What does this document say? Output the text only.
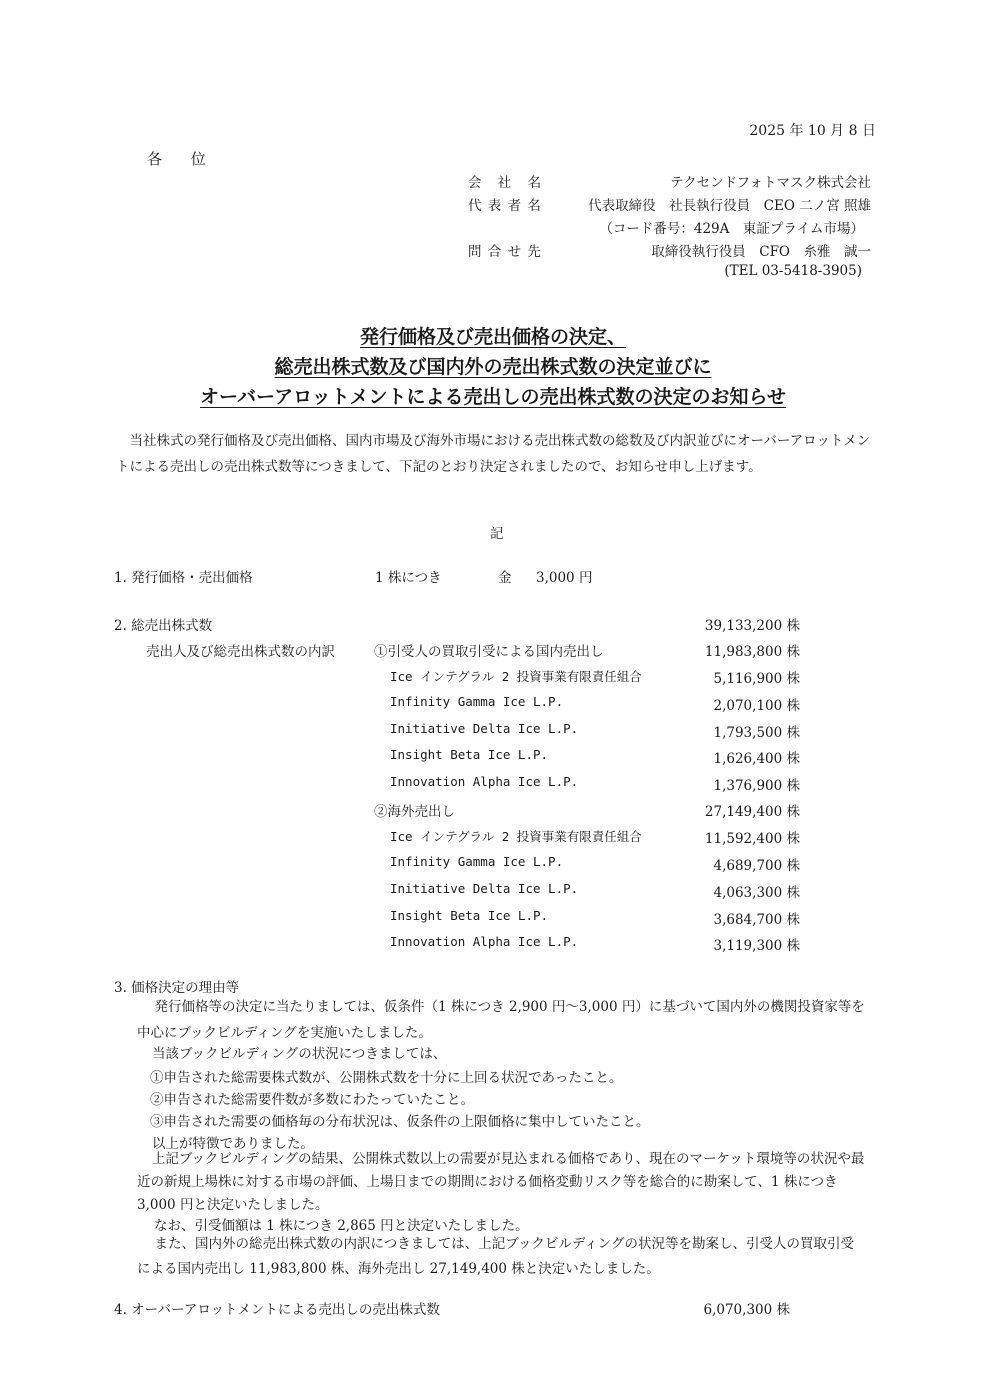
2025 年 10 月 8 日
各 位
会 社 名	テクセンドフォトマスク株式会社
代 表 者 名	代表取締役　社長執行役員　CEO 二ノ宮 照雄
（コード番号：429A　東証プライム市場）
問 合 せ 先	取締役執行役員　CFO　糸雅　誠一
(TEL 03-5418-3905)
発行価格及び売出価格の決定、
総売出株式数及び国内外の売出株式数の決定並びに
オーバーアロットメントによる売出しの売出株式数の決定のお知らせ
当社株式の発行価格及び売出価格、国内市場及び海外市場における売出株式数の総数及び内訳並びにオーバーアロットメントによる売出しの売出株式数等につきまして、下記のとおり決定されましたので、お知らせ申し上げます。
記
1. 発行価格・売出価格	1 株につき	金 3,000 円
2. 総売出株式数	39,133,200 株
売出人及び総売出株式数の内訳	①引受人の買取引受による国内売出し	11,983,800 株
Ice インテグラル 2 投資事業有限責任組合	5,116,900 株
Infinity Gamma Ice L.P.	2,070,100 株
Initiative Delta Ice L.P.	1,793,500 株
Insight Beta Ice L.P.	1,626,400 株
Innovation Alpha Ice L.P.	1,376,900 株
②海外売出し	27,149,400 株
Ice インテグラル 2 投資事業有限責任組合	11,592,400 株
Infinity Gamma Ice L.P.	4,689,700 株
Initiative Delta Ice L.P.	4,063,300 株
Insight Beta Ice L.P.	3,684,700 株
Innovation Alpha Ice L.P.	3,119,300 株
3. 価格決定の理由等
発行価格等の決定に当たりましては、仮条件（1 株につき 2,900 円～3,000 円）に基づいて国内外の機関投資家等を中心にブックビルディングを実施いたしました。
当該ブックビルディングの状況につきましては、
①申告された総需要株式数が、公開株式数を十分に上回る状況であったこと。
②申告された総需要件数が多数にわたっていたこと。
③申告された需要の価格毎の分布状況は、仮条件の上限価格に集中していたこと。
以上が特徴でありました。
上記ブックビルディングの結果、公開株式数以上の需要が見込まれる価格であり、現在のマーケット環境等の状況や最近の新規上場株に対する市場の評価、上場日までの期間における価格変動リスク等を総合的に勘案して、1 株につき 3,000 円と決定いたしました。
なお、引受価額は 1 株につき 2,865 円と決定いたしました。
また、国内外の総売出株式数の内訳につきましては、上記ブックビルディングの状況等を勘案し、引受人の買取引受による国内売出し 11,983,800 株、海外売出し 27,149,400 株と決定いたしました。
4. オーバーアロットメントによる売出しの売出株式数	6,070,300 株
